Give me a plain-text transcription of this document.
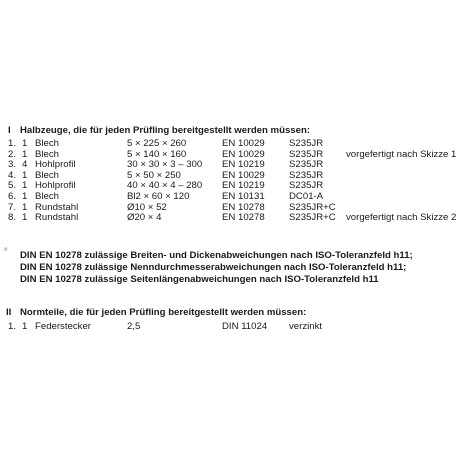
I Halbzeuge, die für jeden Prüfling bereitgestellt werden müssen:
1. 1 Blech	5 × 225 × 260	EN 10029	S235JR
2. 1 Blech	5 × 140 × 160	EN 10029	S235JR vorgefertigt nach Skizze 1
3. 4 Hohlprofil	30 × 30 × 3 – 300 EN 10219	S235JR
4. 1 Blech	5 × 50 × 250	EN 10029	S235JR
5. 1 Hohlprofil	40 × 40 × 4 – 280 EN 10219	S235JR
6. 1 Blech	Bl2 × 60 × 120	EN 10131	DC01-A
7. 1 Rundstahl	Ø10 × 52	EN 10278	S235JR+C
8. 1 Rundstahl	Ø20 × 4	EN 10278	S235JR+C vorgefertigt nach Skizze 2
¹⁾ DIN EN 10278 zulässige Breiten- und Dickenabweichungen nach ISO-Toleranzfeld h11;
DIN EN 10278 zulässige Nenndurchmesserabweichungen nach ISO-Toleranzfeld h11;
DIN EN 10278 zulässige Seitenlängenabweichungen nach ISO-Toleranzfeld h11
II Normteile, die für jeden Prüfling bereitgestellt werden müssen:
1. 1 Federstecker	2,5	DIN 11024 verzinkt
